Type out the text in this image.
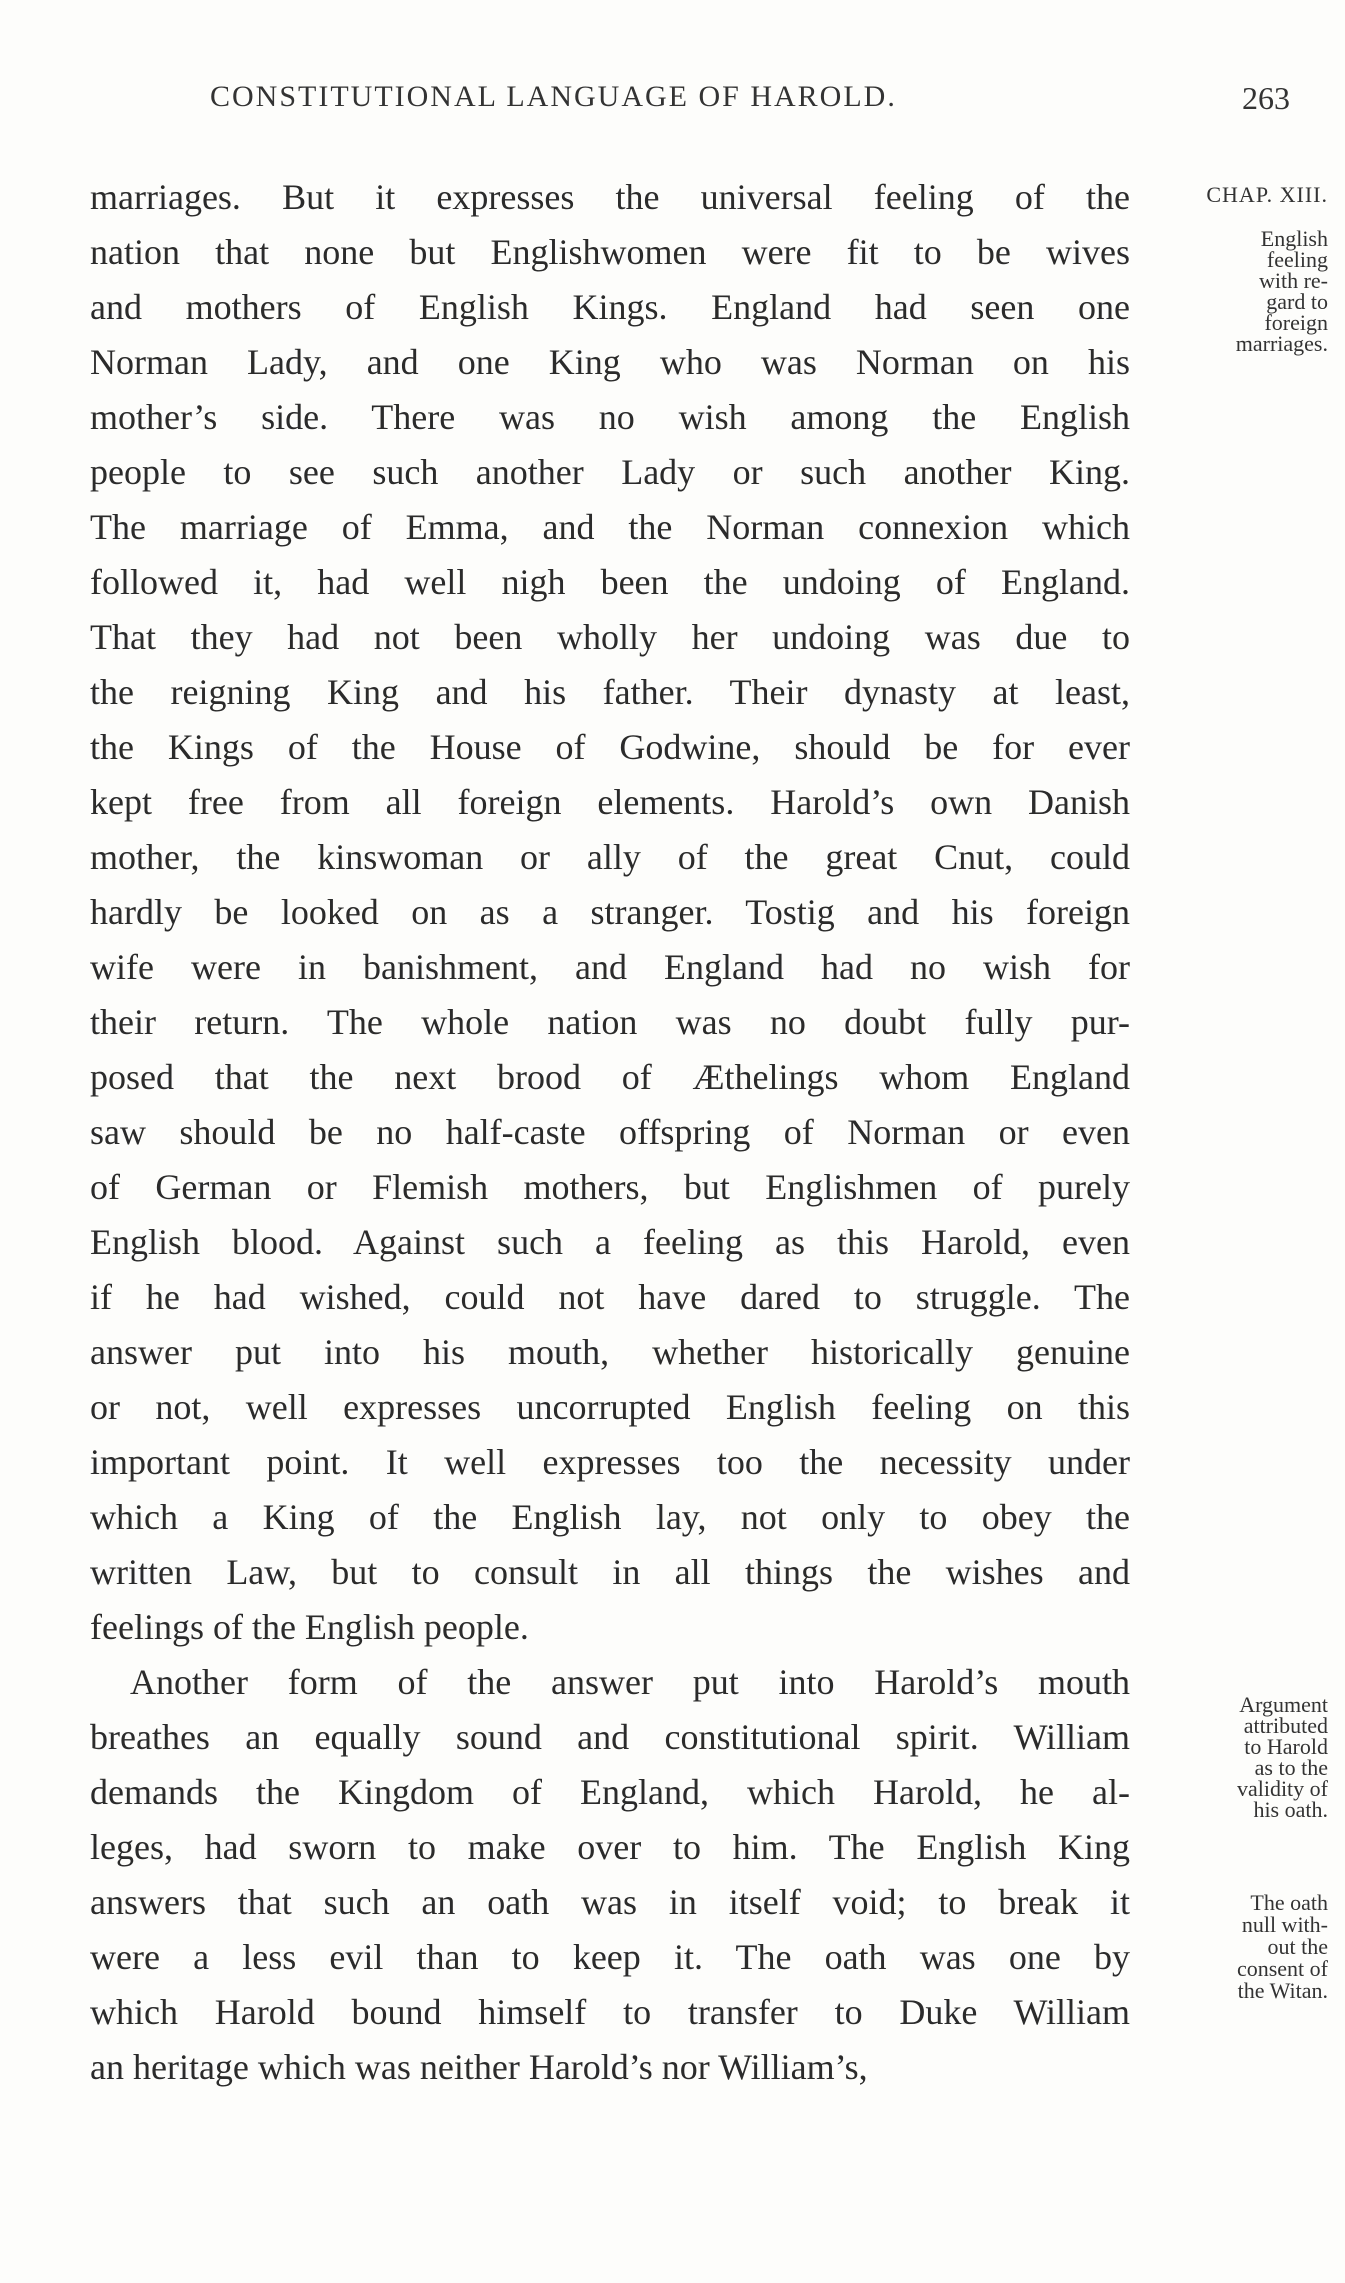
CONSTITUTIONAL LANGUAGE OF HAROLD.	263
CHAP. XIII.
English
feeling
with re-
gard to
foreign
marriages.
Argument
attributed
to Harold
as to the
validity of
his oath.
The oath
null with-
out the
consent of
the Witan.
marriages. But it expresses the universal feeling of the
nation that none but Englishwomen were fit to be wives
and mothers of English Kings. England had seen one
Norman Lady, and one King who was Norman on his
mother’s side. There was no wish among the English
people to see such another Lady or such another King.
The marriage of Emma, and the Norman connexion which
followed it, had well nigh been the undoing of England.
That they had not been wholly her undoing was due to
the reigning King and his father. Their dynasty at least,
the Kings of the House of Godwine, should be for ever
kept free from all foreign elements. Harold’s own Danish
mother, the kinswoman or ally of the great Cnut, could
hardly be looked on as a stranger. Tostig and his foreign
wife were in banishment, and England had no wish for
their return. The whole nation was no doubt fully pur-
posed that the next brood of Æthelings whom England
saw should be no half-caste offspring of Norman or even
of German or Flemish mothers, but Englishmen of purely
English blood. Against such a feeling as this Harold, even
if he had wished, could not have dared to struggle. The
answer put into his mouth, whether historically genuine
or not, well expresses uncorrupted English feeling on this
important point. It well expresses too the necessity under
which a King of the English lay, not only to obey the
written Law, but to consult in all things the wishes and
feelings of the English people.
Another form of the answer put into Harold’s mouth
breathes an equally sound and constitutional spirit. William
demands the Kingdom of England, which Harold, he al-
leges, had sworn to make over to him. The English King
answers that such an oath was in itself void; to break it
were a less evil than to keep it. The oath was one by
which Harold bound himself to transfer to Duke William
an heritage which was neither Harold’s nor William’s,
